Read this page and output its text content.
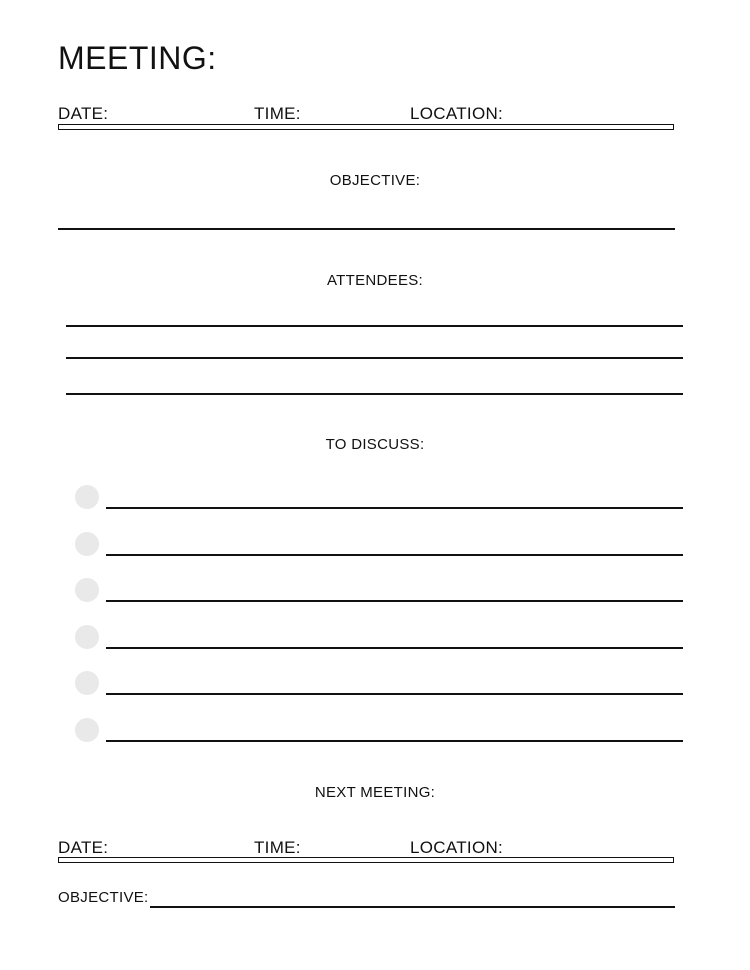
MEETING:
DATE:	TIME:	LOCATION:
OBJECTIVE:
ATTENDEES:
TO DISCUSS:
NEXT MEETING:
DATE:	TIME:	LOCATION:
OBJECTIVE:
